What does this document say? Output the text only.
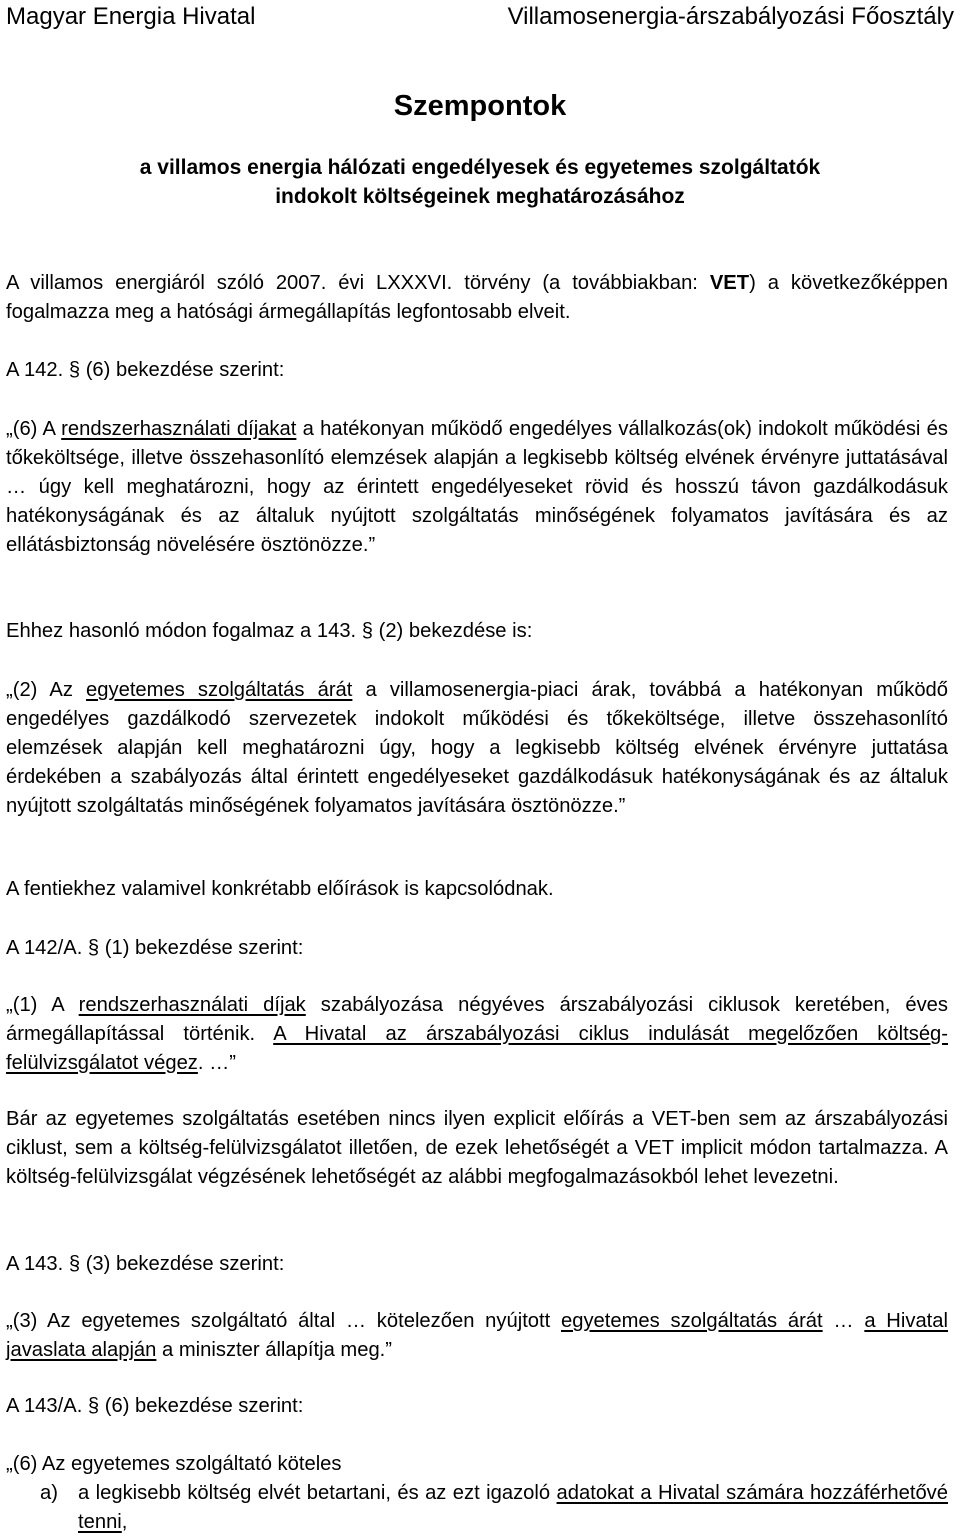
Magyar Energia Hivatal	Villamosenergia-árszabályozási Főosztály
Szempontok
a villamos energia hálózati engedélyesek és egyetemes szolgáltatók
indokolt költségeinek meghatározásához

A villamos energiáról szóló 2007. évi LXXXVI. törvény (a továbbiakban: VET) a következőképpen fogalmazza meg a hatósági ármegállapítás legfontosabb elveit.

A 142. § (6) bekezdése szerint:

„(6) A rendszerhasználati díjakat a hatékonyan működő engedélyes vállalkozás(ok) indokolt működési és tőkeköltsége, illetve összehasonlító elemzések alapján a legkisebb költség elvének érvényre juttatásával … úgy kell meghatározni, hogy az érintett engedélyeseket rövid és hosszú távon gazdálkodásuk hatékonyságának és az általuk nyújtott szolgáltatás minőségének folyamatos javítására és az ellátásbiztonság növelésére ösztönözze.”

Ehhez hasonló módon fogalmaz a 143. § (2) bekezdése is:

„(2) Az egyetemes szolgáltatás árát a villamosenergia-piaci árak, továbbá a hatékonyan működő engedélyes gazdálkodó szervezetek indokolt működési és tőkeköltsége, illetve összehasonlító elemzések alapján kell meghatározni úgy, hogy a legkisebb költség elvének érvényre juttatása érdekében a szabályozás által érintett engedélyeseket gazdálkodásuk hatékonyságának és az általuk nyújtott szolgáltatás minőségének folyamatos javítására ösztönözze.”

A fentiekhez valamivel konkrétabb előírások is kapcsolódnak.

A 142/A. § (1) bekezdése szerint:

„(1) A rendszerhasználati díjak szabályozása négyéves árszabályozási ciklusok keretében, éves ármegállapítással történik. A Hivatal az árszabályozási ciklus indulását megelőzően költség-felülvizsgálatot végez. …”

Bár az egyetemes szolgáltatás esetében nincs ilyen explicit előírás a VET-ben sem az árszabályozási ciklust, sem a költség-felülvizsgálatot illetően, de ezek lehetőségét a VET implicit módon tartalmazza. A költség-felülvizsgálat végzésének lehetőségét az alábbi megfogalmazásokból lehet levezetni.

A 143. § (3) bekezdése szerint:

„(3) Az egyetemes szolgáltató által … kötelezően nyújtott egyetemes szolgáltatás árát … a Hivatal javaslata alapján a miniszter állapítja meg.”

A 143/A. § (6) bekezdése szerint:

„(6) Az egyetemes szolgáltató köteles

a) a legkisebb költség elvét betartani, és az ezt igazoló adatokat a Hivatal számára hozzáférhetővé tenni,
